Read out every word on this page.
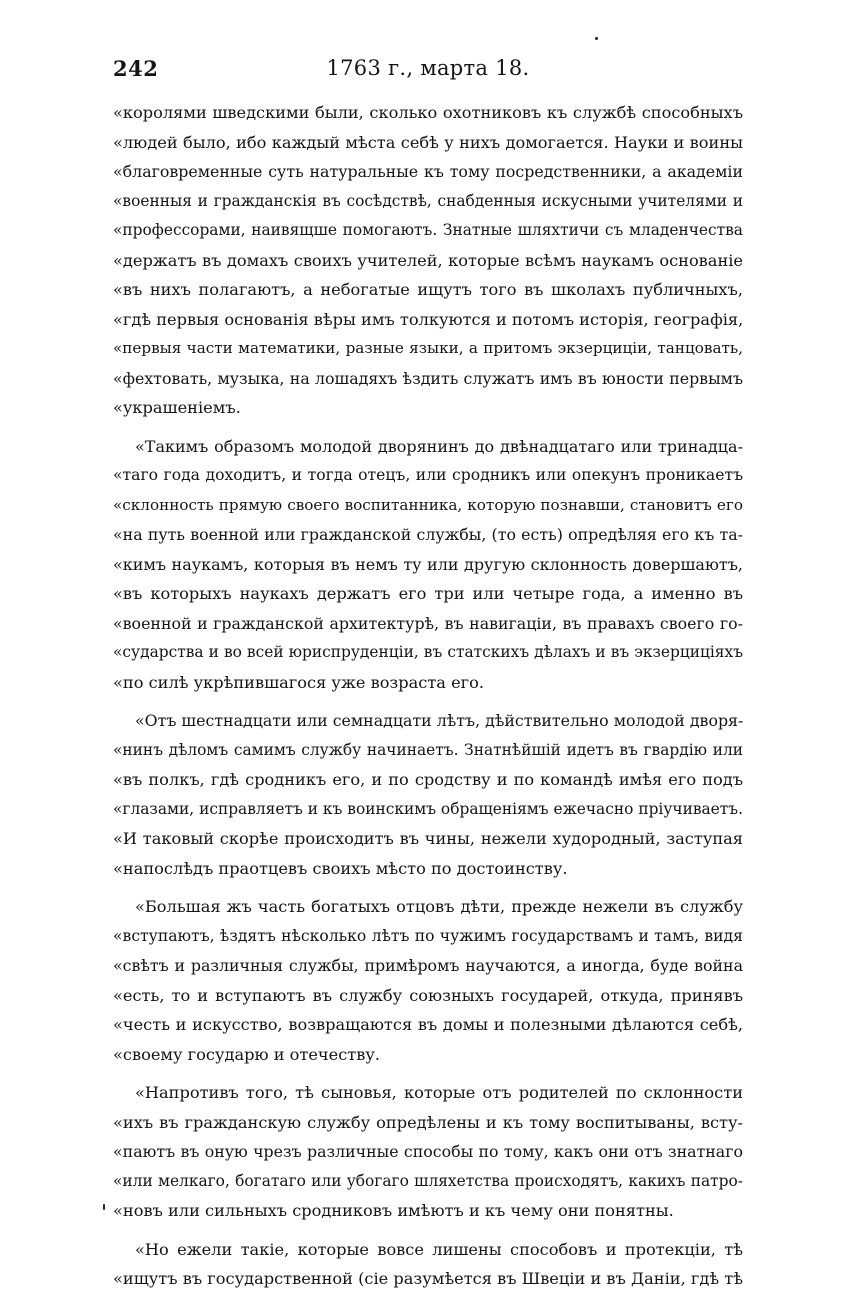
242	1763 г., марта 18.
«королями шведскими были, сколько охотниковъ къ службѣ способныхъ
«людей было, ибо каждый мѣста себѣ у нихъ домогается. Науки и воины
«благовременные суть натуральные къ тому посредственники, а академіи
«военныя и гражданскія въ сосѣдствѣ, снабденныя искусными учителями и
«профессорами, наивящше помогаютъ. Знатные шляхтичи съ младенчества
«держатъ въ домахъ своихъ учителей, которые всѣмъ наукамъ основаніе
«въ нихъ полагаютъ, а небогатые ищутъ того въ школахъ публичныхъ,
«гдѣ первыя основанія вѣры имъ толкуются и потомъ исторія, географія,
«первыя части математики, разные языки, а притомъ экзерциціи, танцовать,
«фехтовать, музыка, на лошадяхъ ѣздить служатъ имъ въ юности первымъ
«украшеніемъ.
«Такимъ образомъ молодой дворянинъ до двѣнадцатаго или тринадца-
«таго года доходитъ, и тогда отецъ, или сродникъ или опекунъ проникаетъ
«склонность прямую своего воспитанника, которую познавши, становитъ его
«на путь военной или гражданской службы, (то есть) опредѣляя его къ та-
«кимъ наукамъ, которыя въ немъ ту или другую склонность довершаютъ,
«въ которыхъ наукахъ держатъ его три или четыре года, а именно въ
«военной и гражданской архитектурѣ, въ навигаціи, въ правахъ своего го-
«сударства и во всей юриспруденціи, въ статскихъ дѣлахъ и въ экзерциціяхъ
«по силѣ укрѣпившагося уже возраста его.
«Отъ шестнадцати или семнадцати лѣтъ, дѣйствительно молодой дворя-
«нинъ дѣломъ самимъ службу начинаетъ. Знатнѣйшій идетъ въ гвардію или
«въ полкъ, гдѣ сродникъ его, и по сродству и по командѣ имѣя его подъ
«глазами, исправляетъ и къ воинскимъ обращеніямъ ежечасно пріучиваетъ.
«И таковый скорѣе происходитъ въ чины, нежели худородный, заступая
«напослѣдъ праотцевъ своихъ мѣсто по достоинству.
«Большая жъ часть богатыхъ отцовъ дѣти, прежде нежели въ службу
«вступаютъ, ѣздятъ нѣсколько лѣтъ по чужимъ государствамъ и тамъ, видя
«свѣтъ и различныя службы, примѣромъ научаются, а иногда, буде война
«есть, то и вступаютъ въ службу союзныхъ государей, откуда, принявъ
«честь и искусство, возвращаются въ домы и полезными дѣлаются себѣ,
«своему государю и отечеству.
«Напротивъ того, тѣ сыновья, которые отъ родителей по склонности
«ихъ въ гражданскую службу опредѣлены и къ тому воспитываны, всту-
«паютъ въ оную чрезъ различные способы по тому, какъ они отъ знатнаго
«или мелкаго, богатаго или убогаго шляхетства происходятъ, какихъ патро-
«новъ или сильныхъ сродниковъ имѣютъ и къ чему они понятны.
«Но ежели такіе, которые вовсе лишены способовъ и протекціи, тѣ
«ищутъ въ государственной (сіе разумѣется въ Швеціи и въ Даніи, гдѣ тѣ
